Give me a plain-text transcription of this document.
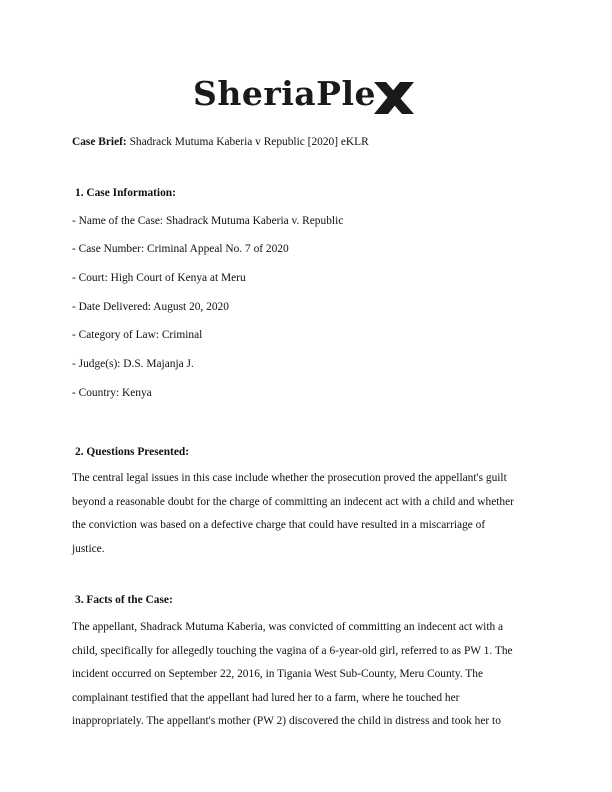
SheriaPle
Case Brief: Shadrack Mutuma Kaberia v Republic [2020] eKLR
1. Case Information:
- Name of the Case: Shadrack Mutuma Kaberia v. Republic
- Case Number: Criminal Appeal No. 7 of 2020
- Court: High Court of Kenya at Meru
- Date Delivered: August 20, 2020
- Category of Law: Criminal
- Judge(s): D.S. Majanja J.
- Country: Kenya
2. Questions Presented:
The central legal issues in this case include whether the prosecution proved the appellant's guilt
beyond a reasonable doubt for the charge of committing an indecent act with a child and whether
the conviction was based on a defective charge that could have resulted in a miscarriage of
justice.
3. Facts of the Case:
The appellant, Shadrack Mutuma Kaberia, was convicted of committing an indecent act with a
child, specifically for allegedly touching the vagina of a 6-year-old girl, referred to as PW 1. The
incident occurred on September 22, 2016, in Tigania West Sub-County, Meru County. The
complainant testified that the appellant had lured her to a farm, where he touched her
inappropriately. The appellant's mother (PW 2) discovered the child in distress and took her to
